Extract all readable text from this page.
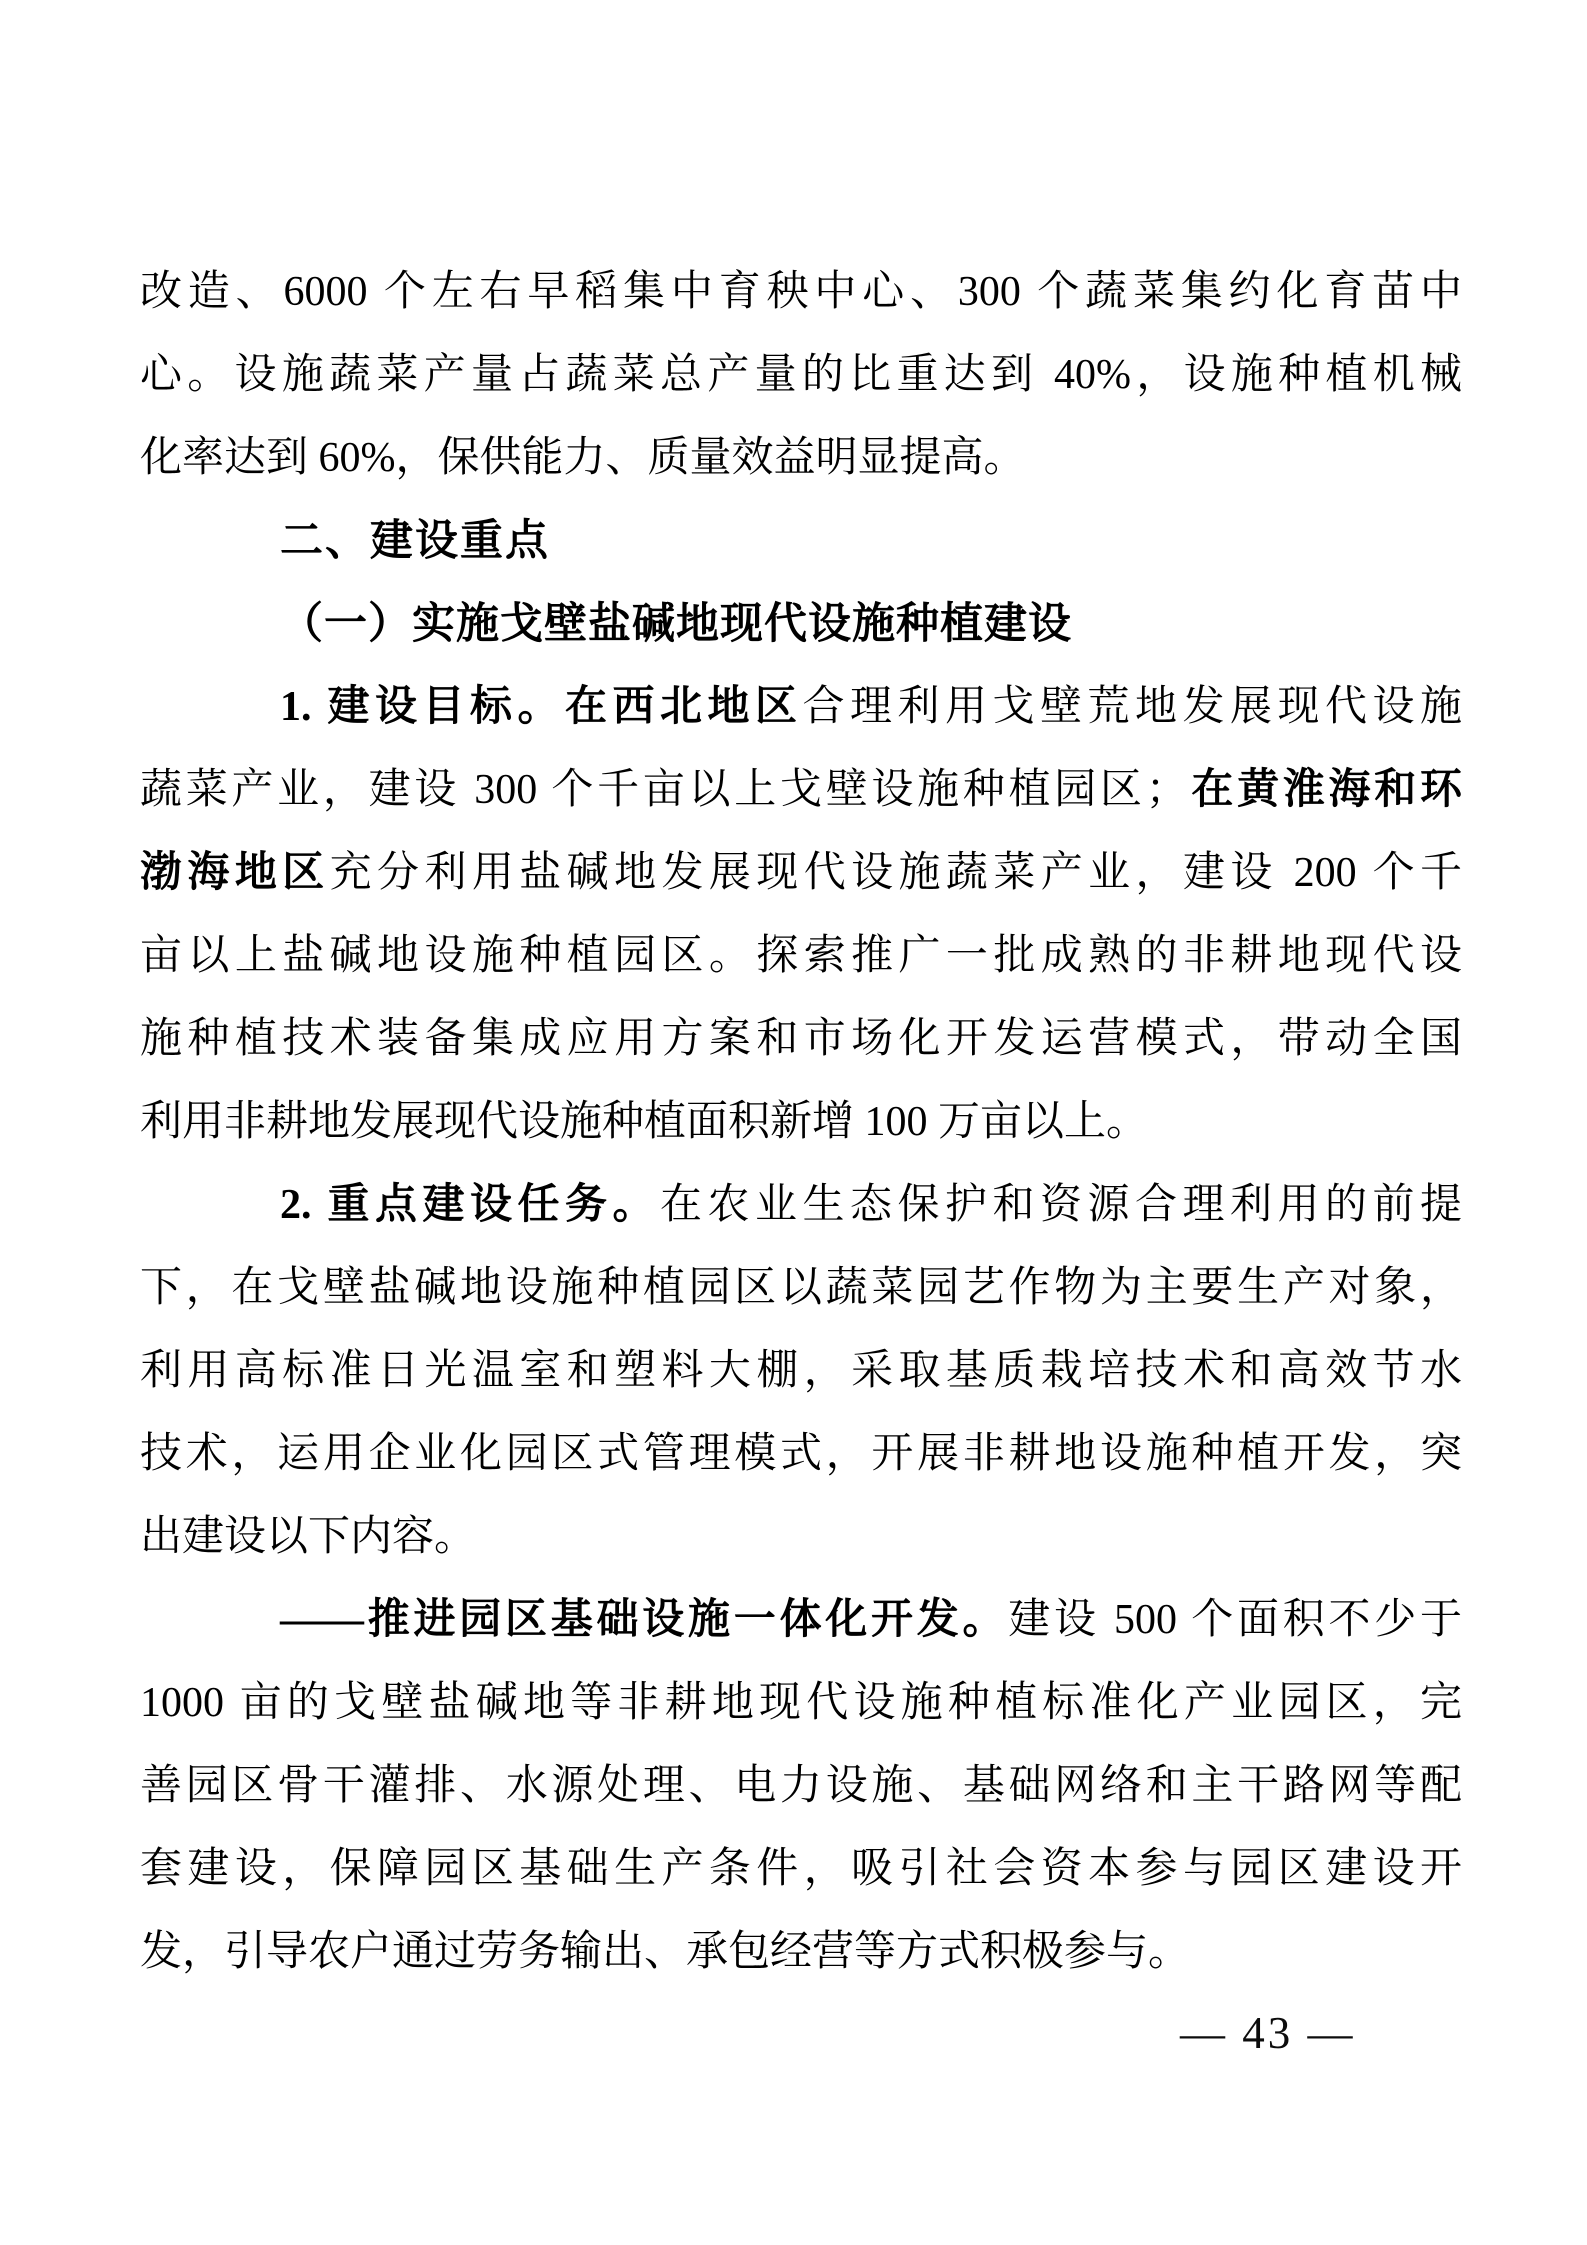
改造、6000 个左右早稻集中育秧中心、300 个蔬菜集约化育苗中
心。设施蔬菜产量占蔬菜总产量的比重达到 40%，设施种植机械
化率达到 60%，保供能力、质量效益明显提高。
二、建设重点
（一）实施戈壁盐碱地现代设施种植建设
1. 建设目标。在西北地区合理利用戈壁荒地发展现代设施
蔬菜产业，建设 300 个千亩以上戈壁设施种植园区；在黄淮海和环
渤海地区充分利用盐碱地发展现代设施蔬菜产业，建设 200 个千
亩以上盐碱地设施种植园区。探索推广一批成熟的非耕地现代设
施种植技术装备集成应用方案和市场化开发运营模式，带动全国
利用非耕地发展现代设施种植面积新增 100 万亩以上。
2. 重点建设任务。在农业生态保护和资源合理利用的前提
下，在戈壁盐碱地设施种植园区以蔬菜园艺作物为主要生产对象，
利用高标准日光温室和塑料大棚，采取基质栽培技术和高效节水
技术，运用企业化园区式管理模式，开展非耕地设施种植开发，突
出建设以下内容。
——推进园区基础设施一体化开发。建设 500 个面积不少于
1000 亩的戈壁盐碱地等非耕地现代设施种植标准化产业园区，完
善园区骨干灌排、水源处理、电力设施、基础网络和主干路网等配
套建设，保障园区基础生产条件，吸引社会资本参与园区建设开
发，引导农户通过劳务输出、承包经营等方式积极参与。
— 43 —
